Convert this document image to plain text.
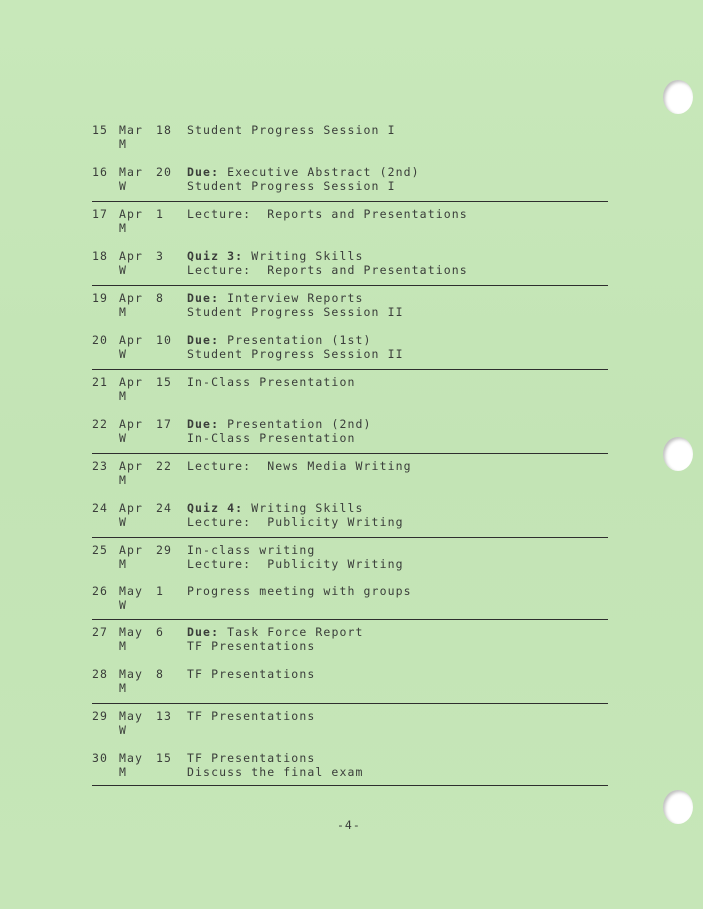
15 Mar 18
M
Student Progress Session I
16 Mar 20
W
Due: Executive Abstract (2nd)
Student Progress Session I
17 Apr 1
M
Lecture:  Reports and Presentations
18 Apr 3
W
Quiz 3: Writing Skills
Lecture:  Reports and Presentations
19 Apr 8
M
Due: Interview Reports
Student Progress Session II
20 Apr 10
W
Due: Presentation (1st)
Student Progress Session II
21 Apr 15
M
In-Class Presentation
22 Apr 17
W
Due: Presentation (2nd)
In-Class Presentation
23 Apr 22
M
Lecture:  News Media Writing
24 Apr 24
W
Quiz 4: Writing Skills
Lecture:  Publicity Writing
25 Apr 29
M
In-class writing
Lecture:  Publicity Writing
26 May 1
W
Progress meeting with groups
27 May 6
M
Due: Task Force Report
TF Presentations
28 May 8
M
TF Presentations
29 May 13
W
TF Presentations
30 May 15
M
TF Presentations
Discuss the final exam
-4-
